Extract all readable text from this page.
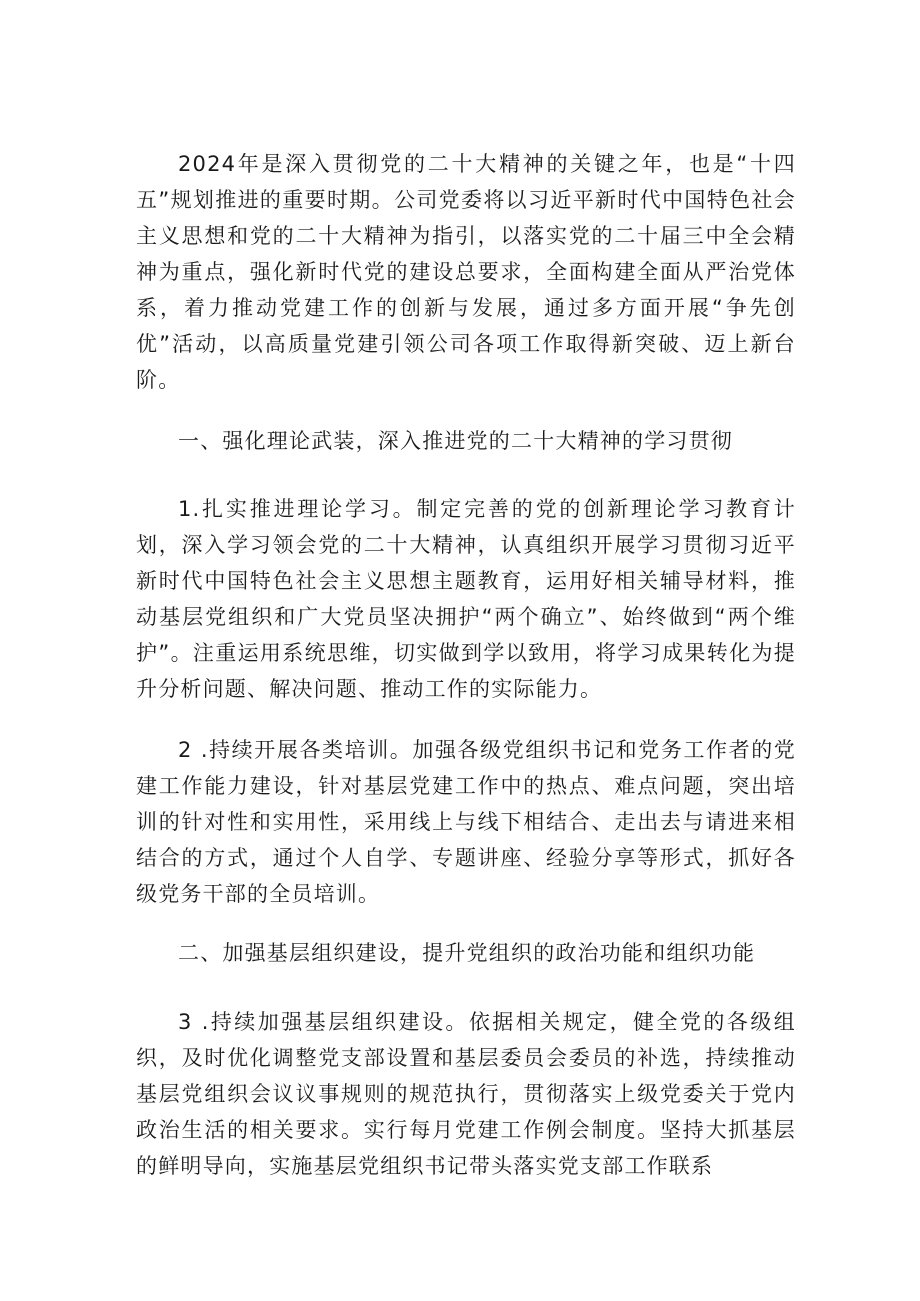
2024年是深入贯彻党的二十大精神的关键之年，也是“十四五”规划推进的重要时期。公司党委将以习近平新时代中国特色社会主义思想和党的二十大精神为指引，以落实党的二十届三中全会精神为重点，强化新时代党的建设总要求，全面构建全面从严治党体系，着力推动党建工作的创新与发展，通过多方面开展“争先创优”活动，以高质量党建引领公司各项工作取得新突破、迈上新台阶。

一、强化理论武装，深入推进党的二十大精神的学习贯彻

1.扎实推进理论学习。制定完善的党的创新理论学习教育计划，深入学习领会党的二十大精神，认真组织开展学习贯彻习近平新时代中国特色社会主义思想主题教育，运用好相关辅导材料，推动基层党组织和广大党员坚决拥护“两个确立”、始终做到“两个维护”。注重运用系统思维，切实做到学以致用，将学习成果转化为提升分析问题、解决问题、推动工作的实际能力。

2 .持续开展各类培训。加强各级党组织书记和党务工作者的党建工作能力建设，针对基层党建工作中的热点、难点问题，突出培训的针对性和实用性，采用线上与线下相结合、走出去与请进来相结合的方式，通过个人自学、专题讲座、经验分享等形式，抓好各级党务干部的全员培训。

二、加强基层组织建设，提升党组织的政治功能和组织功能

3 .持续加强基层组织建设。依据相关规定，健全党的各级组织，及时优化调整党支部设置和基层委员会委员的补选，持续推动基层党组织会议议事规则的规范执行，贯彻落实上级党委关于党内政治生活的相关要求。实行每月党建工作例会制度。坚持大抓基层的鲜明导向，实施基层党组织书记带头落实党支部工作联系
